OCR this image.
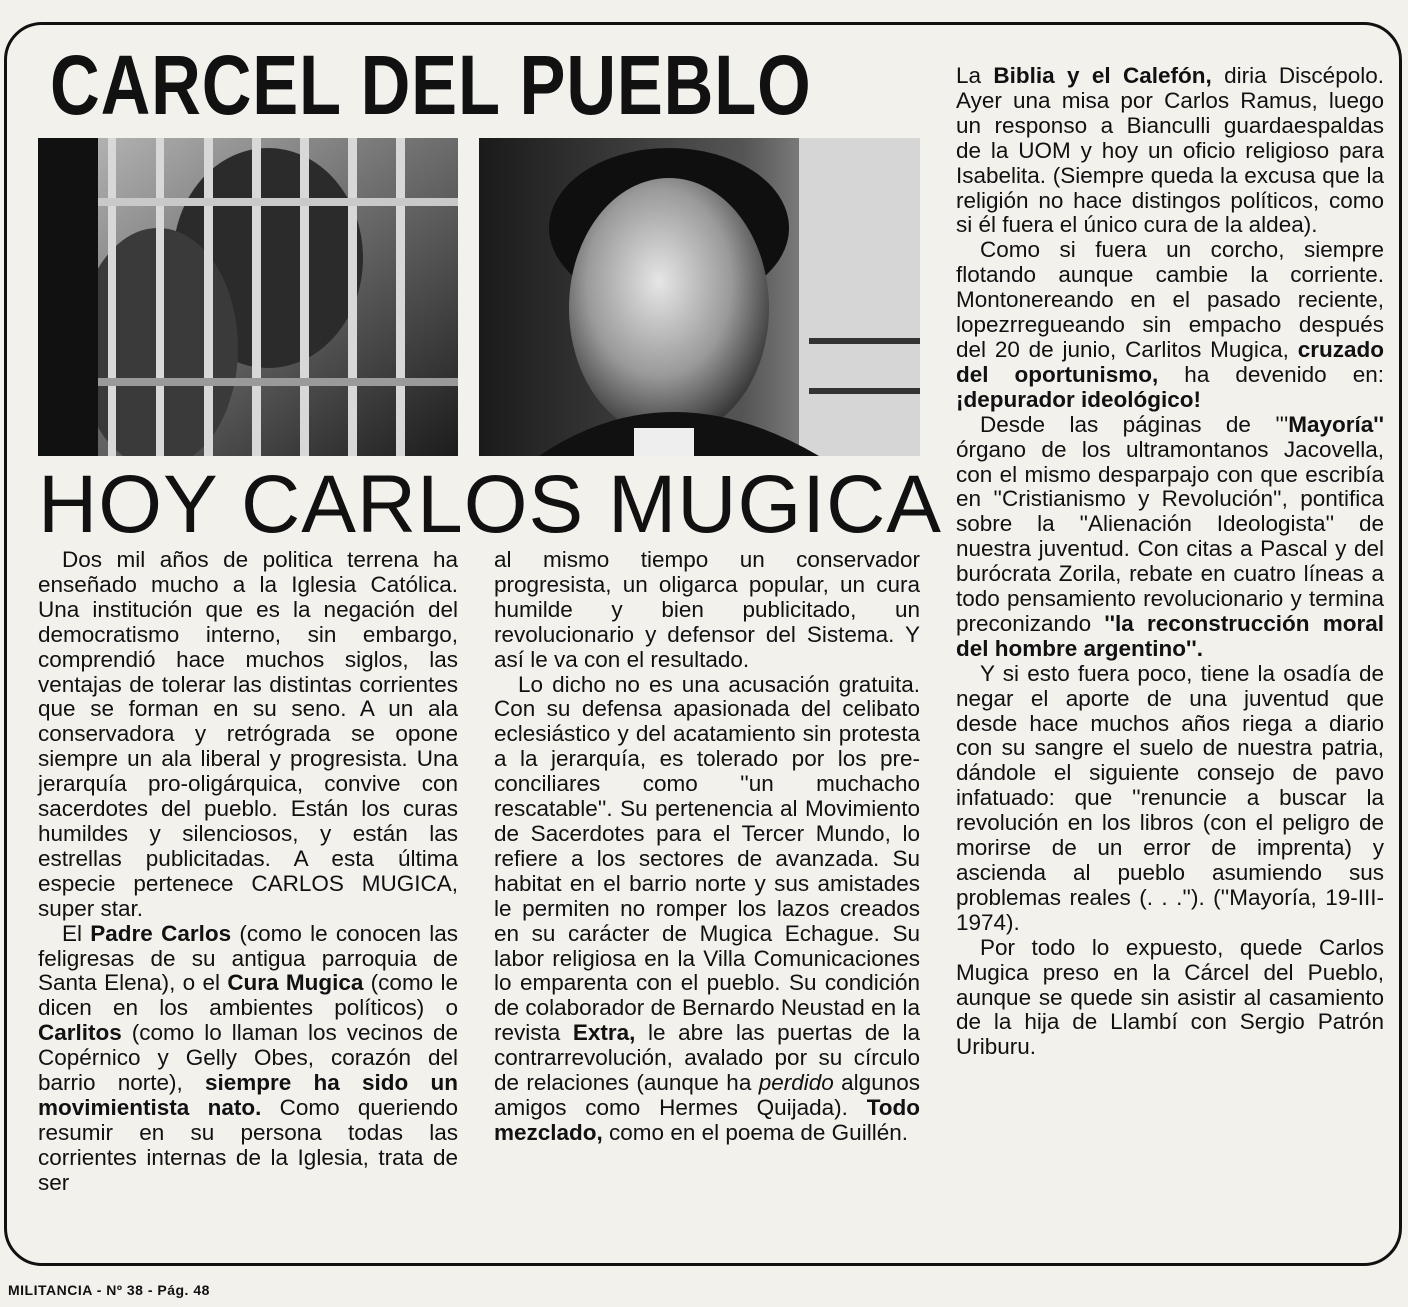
CARCEL DEL PUEBLO
HOY CARLOS MUGICA

Dos mil años de politica terrena ha enseñado mucho a la Iglesia Católica. Una institución que es la negación del democratismo interno, sin embargo, comprendió hace muchos siglos, las ventajas de tolerar las distintas corrientes que se forman en su seno. A un ala conservadora y retrógrada se opone siempre un ala liberal y progresista. Una jerarquía pro-oligárquica, convive con sacerdotes del pueblo. Están los curas humildes y silenciosos, y están las estrellas publicitadas. A esta última especie pertenece CARLOS MUGICA, super star.

El Padre Carlos (como le conocen las feligresas de su antigua parroquia de Santa Elena), o el Cura Mugica (como le dicen en los ambientes políticos) o Carlitos (como lo llaman los vecinos de Copérnico y Gelly Obes, corazón del barrio norte), siempre ha sido un movimientista nato. Como queriendo resumir en su persona todas las corrientes internas de la Iglesia, trata de ser

al mismo tiempo un conservador progresista, un oligarca popular, un cura humilde y bien publicitado, un revolucionario y defensor del Sistema. Y así le va con el resultado.

Lo dicho no es una acusación gratuita. Con su defensa apasionada del celibato eclesiástico y del acatamiento sin protesta a la jerarquía, es tolerado por los pre-conciliares como ''un muchacho rescatable''. Su pertenencia al Movimiento de Sacerdotes para el Tercer Mundo, lo refiere a los sectores de avanzada. Su habitat en el barrio norte y sus amistades le permiten no romper los lazos creados en su carácter de Mugica Echague. Su labor religiosa en la Villa Comunicaciones lo emparenta con el pueblo. Su condición de colaborador de Bernardo Neustad en la revista Extra, le abre las puertas de la contrarrevolución, avalado por su círculo de relaciones (aunque ha perdido algunos amigos como Hermes Quijada). Todo mezclado, como en el poema de Guillén.

La Biblia y el Calefón, diria Discépolo. Ayer una misa por Carlos Ramus, luego un responso a Bianculli guardaespaldas de la UOM y hoy un oficio religioso para Isabelita. (Siempre queda la excusa que la religión no hace distingos políticos, como si él fuera el único cura de la aldea).

Como si fuera un corcho, siempre flotando aunque cambie la corriente. Montonereando en el pasado reciente, lopezrregueando sin empacho después del 20 de junio, Carlitos Mugica, cruzado del oportunismo, ha devenido en: ¡depurador ideológico!

Desde las páginas de '''Mayoría'' órgano de los ultramontanos Jacovella, con el mismo desparpajo con que escribía en ''Cristianismo y Revolución'', pontifica sobre la ''Alienación Ideologista'' de nuestra juventud. Con citas a Pascal y del burócrata Zorila, rebate en cuatro líneas a todo pensamiento revolucionario y termina preconizando ''la reconstrucción moral del hombre argentino''.

Y si esto fuera poco, tiene la osadía de negar el aporte de una juventud que desde hace muchos años riega a diario con su sangre el suelo de nuestra patria, dándole el siguiente consejo de pavo infatuado: que ''renuncie a buscar la revolución en los libros (con el peligro de morirse de un error de imprenta) y ascienda al pueblo asumiendo sus problemas reales (. . .''). (''Mayoría, 19-III-1974).

Por todo lo expuesto, quede Carlos Mugica preso en la Cárcel del Pueblo, aunque se quede sin asistir al casamiento de la hija de Llambí con Sergio Patrón Uriburu.

MILITANCIA - Nº 38 - Pág. 48
